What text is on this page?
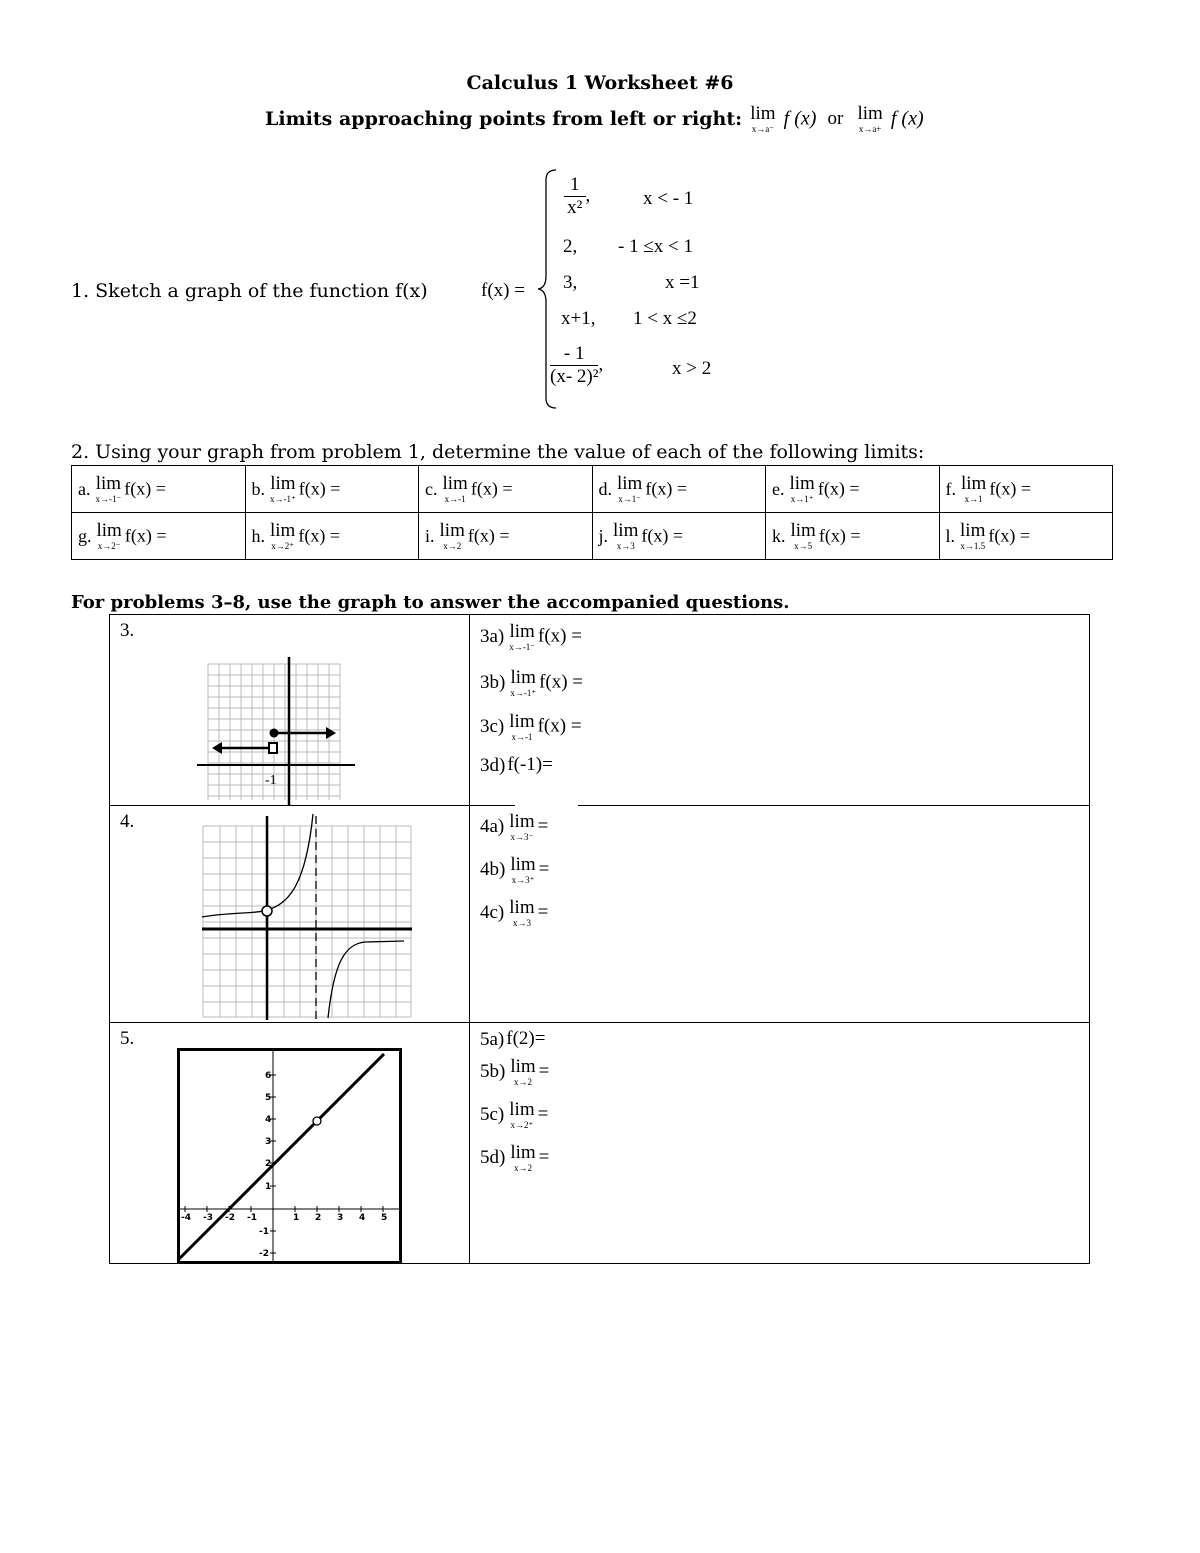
Calculus 1 Worksheet #6
Limits approaching points from left or right: lim
x→a⁻ f (x) or lim
x→a+ f (x)
1. Sketch a graph of the function f(x)	f(x) =
$\frac{1}{\text{x²}}$ ,	x < - 1
2, - 1 ≤x < 1
3,	x =1
x+1, 1 < x ≤2
$\frac{- 1}{\text{(x- 2)²}}$ ,	x > 2
2. Using your graph from problem 1, determine the value of each of the following limits:
a. lim
x→-1⁻
f(x) =	b. lim
x→-1⁺
f(x) =	c. lim
x→-1
f(x) =	d. lim
x→1⁻
f(x) =	e. lim
x→1⁺
f(x) =	f. lim
x→1
f(x) =
g. lim
x→2⁻
f(x) =	h. lim
x→2⁺
f(x) =	i. lim
x→2
f(x) =	j. lim
x→3
f(x) =	k. lim
x→5
f(x) =	l. lim
x→1.5
f(x) =
For problems 3–8, use the graph to answer the accompanied questions.
3.
-1
3a) lim
x→-1⁻
f(x) =
3b) lim
x→-1⁺
f(x) =
3c) lim
x→-1
f(x) =
3d) f(-1)=
4.	4a) lim
x→3⁻
=
4b) lim
x→3⁺
=
4c) lim
x→3
=
5.
-4 -3 -2 -1	1 2 3 4 5
6
5
4
3
2
1
-1
-2
5a) f(2)=
5b) lim
x→2
=
5c) lim
x→2⁺
=
5d) lim
x→2
=
